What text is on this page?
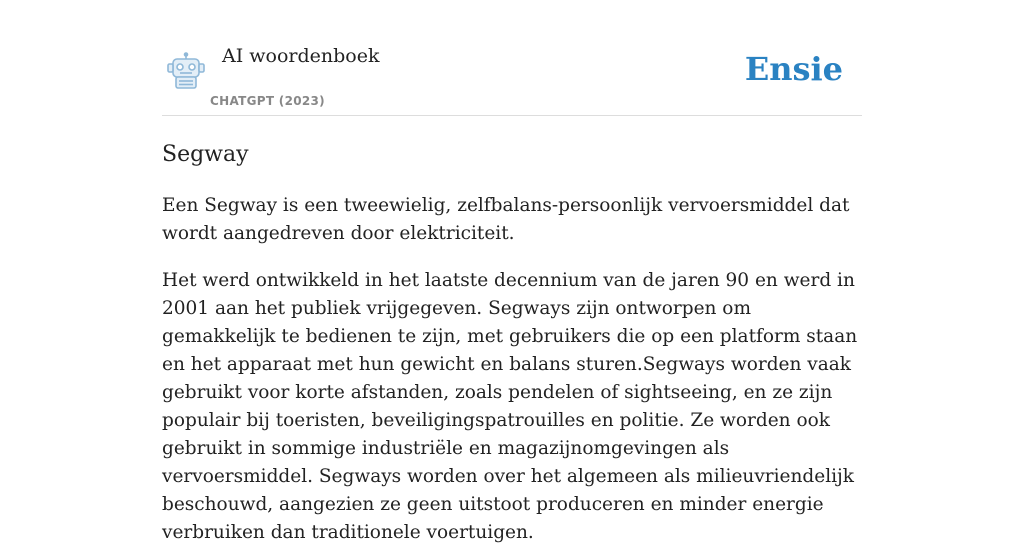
AI woordenboek
CHATGPT (2023)
Ensie
Segway

Een Segway is een tweewielig, zelfbalans-persoonlijk vervoersmiddel dat wordt aangedreven door elektriciteit.

Het werd ontwikkeld in het laatste decennium van de jaren 90 en werd in 2001 aan het publiek vrijgegeven. Segways zijn ontworpen om gemakkelijk te bedienen te zijn, met gebruikers die op een platform staan en het apparaat met hun gewicht en balans sturen.Segways worden vaak gebruikt voor korte afstanden, zoals pendelen of sightseeing, en ze zijn populair bij toeristen, beveiligingspatrouilles en politie. Ze worden ook gebruikt in sommige industriële en magazijnomgevingen als vervoersmiddel. Segways worden over het algemeen als milieuvriendelijk beschouwd, aangezien ze geen uitstoot produceren en minder energie verbruiken dan traditionele voertuigen.
